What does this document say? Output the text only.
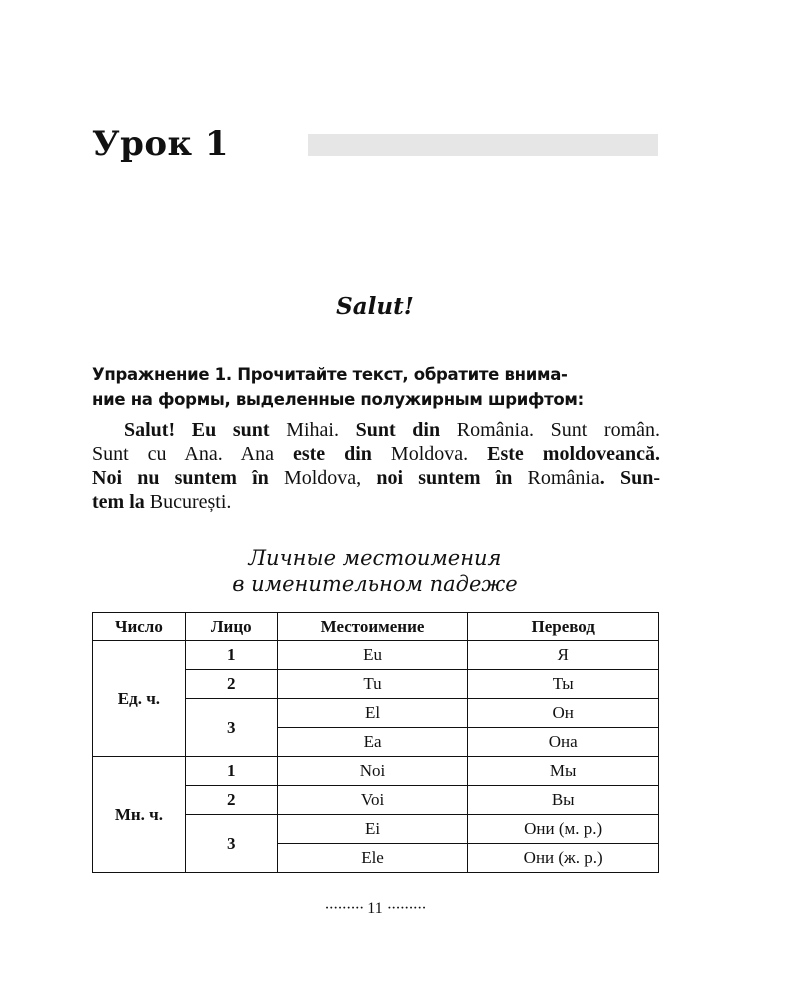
Урок 1
Salut!

Упражнение 1. Прочитайте текст, обратите внима-
ние на формы, выделенные полужирным шрифтом:

Salut! Eu sunt Mihai. Sunt din România. Sunt român.
Sunt cu Ana. Ana este din Moldova. Este moldoveancă.
Noi nu suntem în Moldova, noi suntem în România. Sun-
tem la București.
Личные местоимения
в именительном падеже
Число	Лицо	Местоимение	Перевод
Ед. ч.	1	Eu	Я
	2	Tu	Ты
	3	El	Он
		Ea	Она
Мн. ч.	1	Noi	Мы
	2	Voi	Вы
	3	Ei	Они (м. р.)
		Ele	Они (ж. р.)
········· 11 ·········
